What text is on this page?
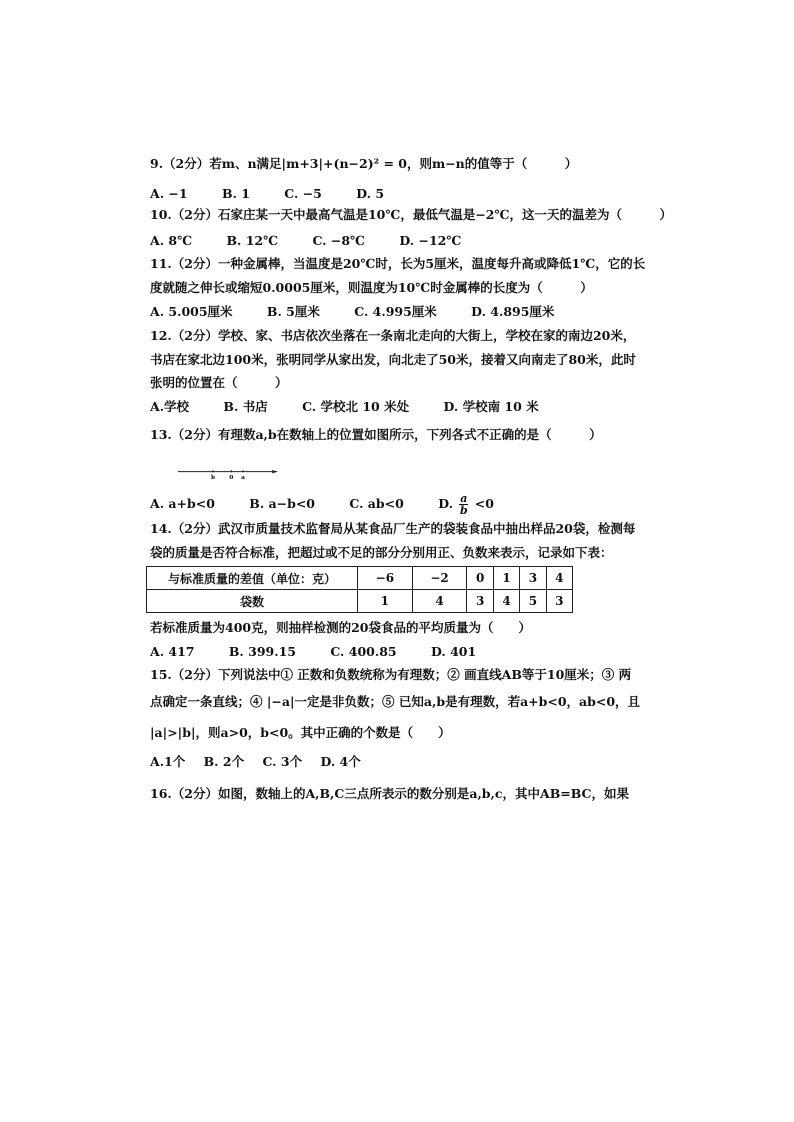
9.（2分）若m、n满足|m+3|+(n−2)² = 0，则m−n的值等于（　　　）
A. −1	B. 1	C. −5	D. 5
10.（2分）石家庄某一天中最高气温是10℃，最低气温是−2℃，这一天的温差为（　　　）
A. 8℃	B. 12℃	C. −8℃	D. −12℃
11.（2分）一种金属棒，当温度是20℃时，长为5厘米，温度每升高或降低1℃，它的长
度就随之伸长或缩短0.0005厘米，则温度为10℃时金属棒的长度为（　　　）
A. 5.005厘米	B. 5厘米	C. 4.995厘米	D. 4.895厘米
12.（2分）学校、家、书店依次坐落在一条南北走向的大街上，学校在家的南边20米，
书店在家北边100米，张明同学从家出发，向北走了50米，接着又向南走了80米，此时
张明的位置在（　　　）
A.学校	B. 书店	C. 学校北 10 米处	D. 学校南 10 米
13.（2分）有理数a,b在数轴上的位置如图所示，下列各式不正确的是（　　　）
b 0 a
A. a+b<0	B. a−b<0	C. ab<0	D. $\frac{a}{b} <0$
14.（2分）武汉市质量技术监督局从某食品厂生产的袋装食品中抽出样品20袋，检测每
袋的质量是否符合标准，把超过或不足的部分分别用正、负数来表示，记录如下表：
与标准质量的差值（单位：克）	−6	−2	0	1	3	4
袋数	1	4	3	4	5	3
若标准质量为400克，则抽样检测的20袋食品的平均质量为（　　）
A. 417	B. 399.15	C. 400.85	D. 401
15.（2分）下列说法中① 正数和负数统称为有理数；② 画直线AB等于10厘米；③ 两
点确定一条直线；④ |−a|一定是非负数；⑤ 已知a,b是有理数，若a+b<0，ab<0，且
|a|>|b|，则a>0，b<0。其中正确的个数是（　　）
A.1个 B. 2个 C. 3个 D. 4个
16.（2分）如图，数轴上的A,B,C三点所表示的数分别是a,b,c，其中AB=BC，如果
